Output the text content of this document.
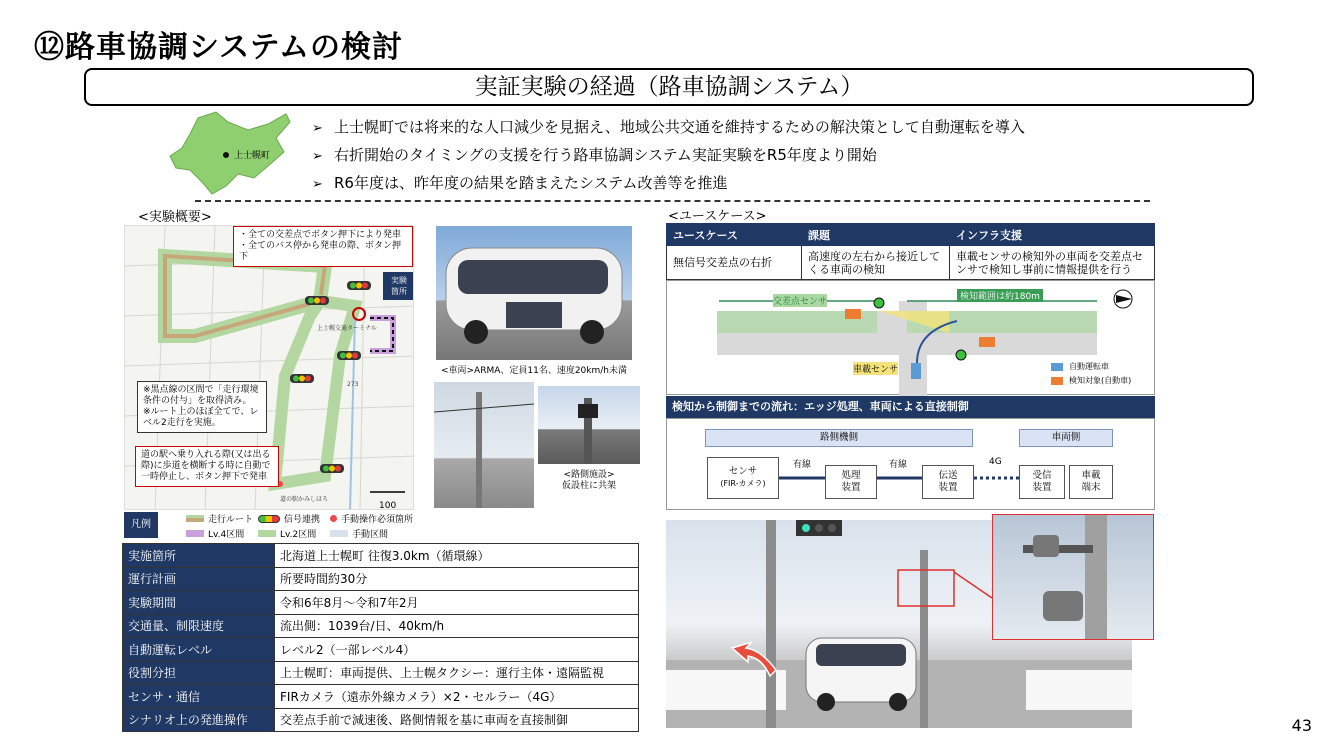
⑫路車協調システムの検討
実証実験の経過（路車協調システム）
上士幌町
➢ 上士幌町では将来的な人口減少を見据え、地域公共交通を維持するための解決策として自動運転を導入
➢ 右折開始のタイミングの支援を行う路車協調システム実証実験をR5年度より開始
➢ R6年度は、昨年度の結果を踏まえたシステム改善等を推進
<実験概要>	<ユースケース>
273
上士幌交通ターミナル
道の駅かみしほろ
100
・全ての交差点でボタン押下により発車
・全てのバス停から発車の際、ボタン押下
実験
箇所
※黒点線の区間で「走行環境条件の付与」を取得済み。
※ルート上のほぼ全てで、レベル2走行を実施。
道の駅へ乗り入れる際(又は出る際)に歩道を横断する時に自動で一時停止し、ボタン押下で発車
凡例	走行ルート	信号連携 手動操作必須箇所
Lv.4区間	Lv.2区間	手動区間
実施箇所	北海道上士幌町 往復3.0km（循環線）
運行計画	所要時間約30分
実験期間	令和6年8月～令和7年2月
交通量、制限速度	流出側：1039台/日、40km/h
自動運転レベル	レベル2（一部レベル4）
役割分担	上士幌町：車両提供、上士幌タクシー：運行主体・遠隔監視
センサ・通信	FIRカメラ（遠赤外線カメラ）×2・セルラー（4G）
シナリオ上の発進操作	交差点手前で減速後、路側情報を基に車両を直接制御
<車両>ARMA、定員11名、速度20km/h未満
<路側施設>
仮設柱に共架
ユースケース	課題	インフラ支援
無信号交差点の右折	高速度の左右から接近してくる車両の検知	車載センサの検知外の車両を交差点センサで検知し事前に情報提供を行う
交差点センサ	検知範囲は約180m
車載センサ	自動運転車
検知対象(自動車)
検知から制御までの流れ：エッジ処理、車両による直接制御
路側機側	車両側
センサ
(FIR-カメラ)
処理
装置
伝送
装置
受信
装置
車載
端末
有線	有線	4G
43
